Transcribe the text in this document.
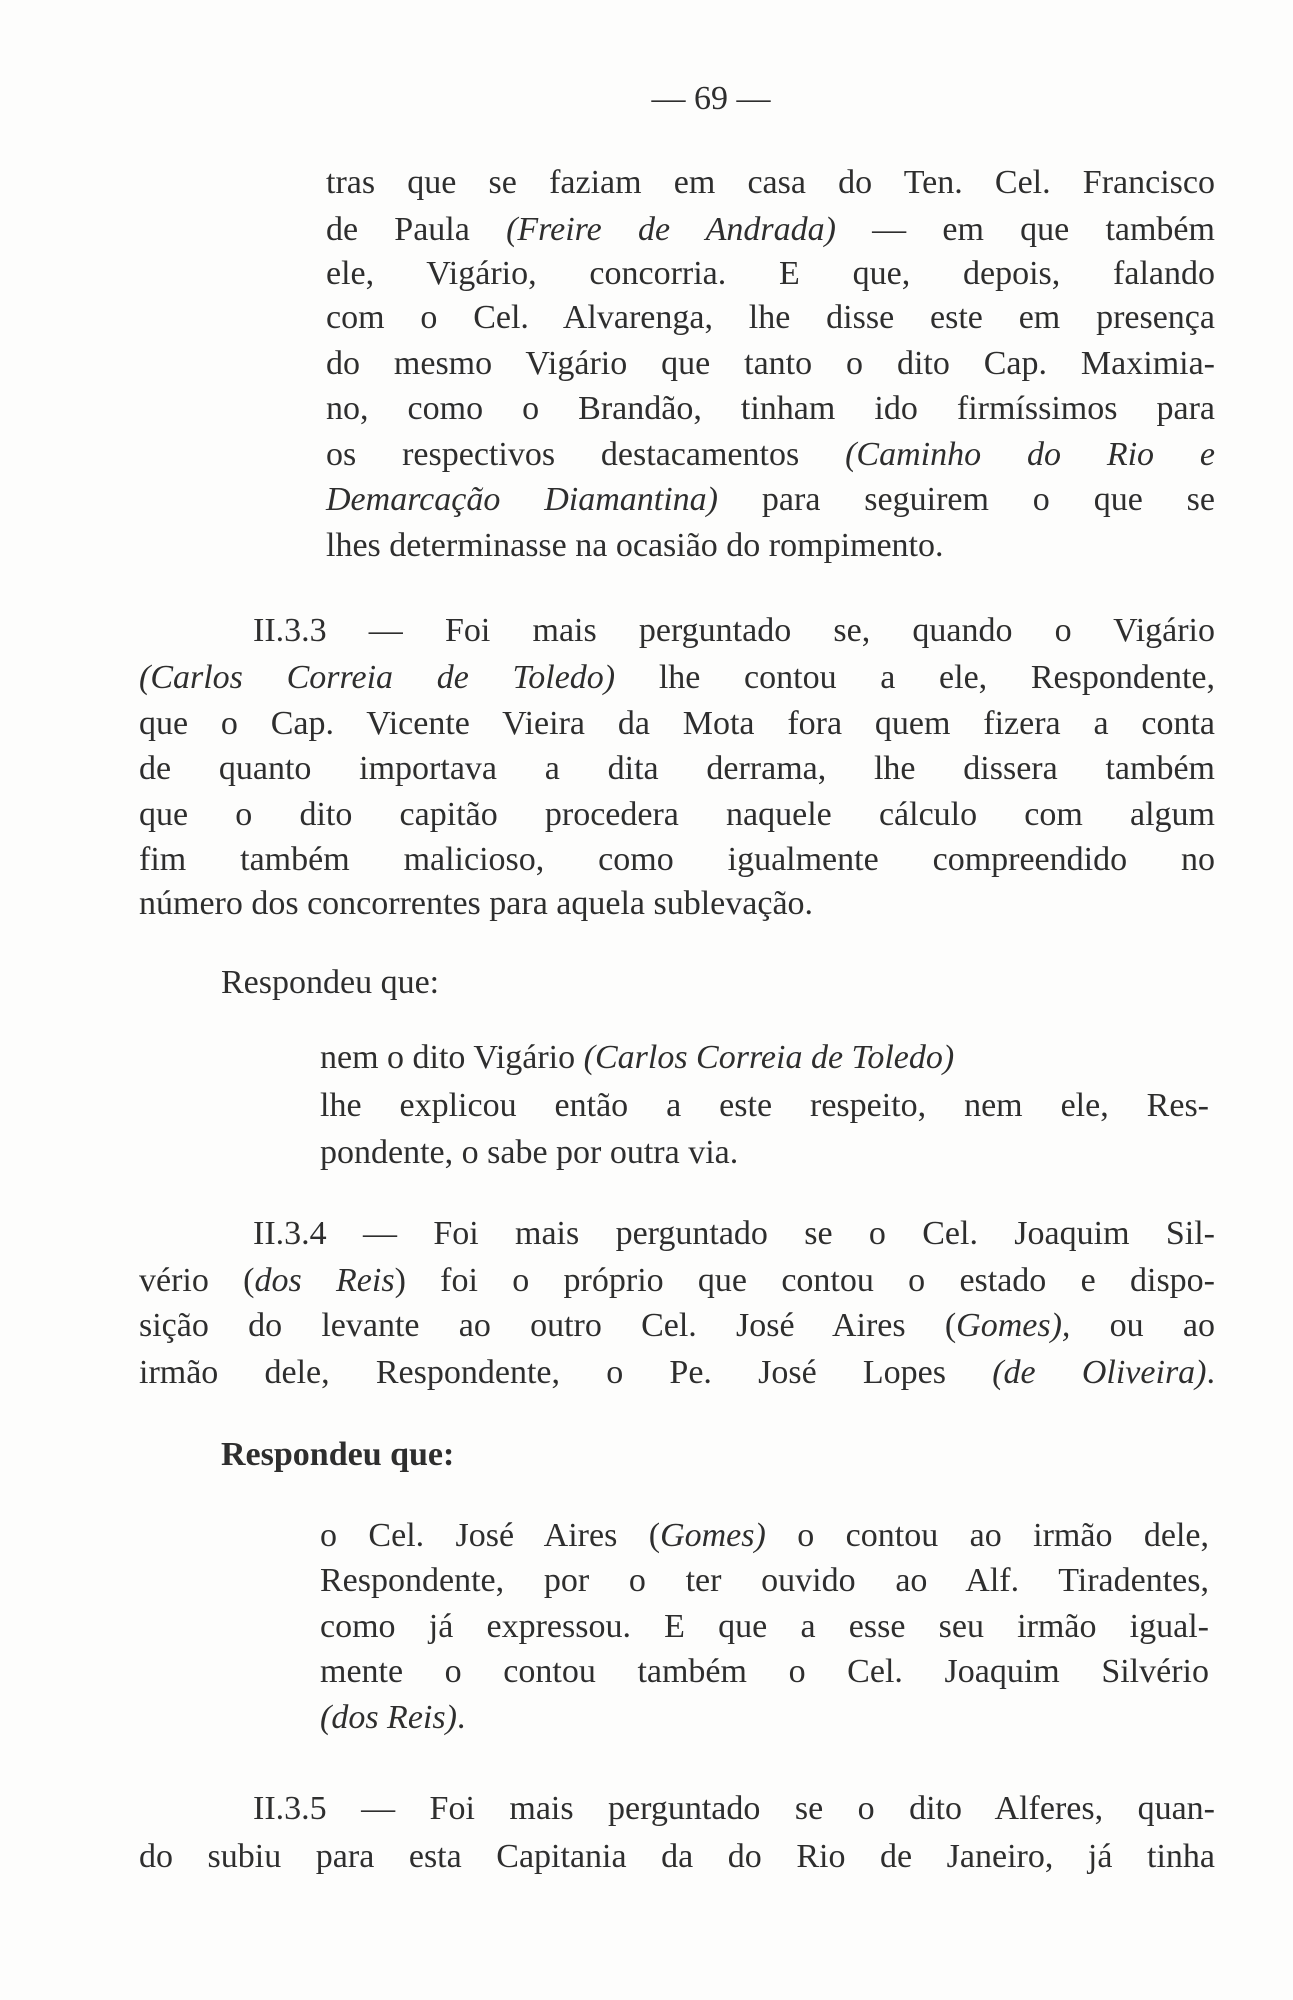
— 69 —
Respondeu que:
Respondeu que:
tras que se faziam em casa do Ten. Cel. Francisco
de Paula (Freire de Andrada) — em que também
ele, Vigário, concorria. E que, depois, falando
com o Cel. Alvarenga, lhe disse este em presença
do mesmo Vigário que tanto o dito Cap. Maximia-
no, como o Brandão, tinham ido firmíssimos para
os respectivos destacamentos (Caminho do Rio e
Demarcação Diamantina) para seguirem o que se
lhes determinasse na ocasião do rompimento.
II.3.3 — Foi mais perguntado se, quando o Vigário
(Carlos Correia de Toledo) lhe contou a ele, Respondente,
que o Cap. Vicente Vieira da Mota fora quem fizera a conta
de quanto importava a dita derrama, lhe dissera também
que o dito capitão procedera naquele cálculo com algum
fim também malicioso, como igualmente compreendido no
número dos concorrentes para aquela sublevação.
nem o dito Vigário (Carlos Correia de Toledo)
lhe explicou então a este respeito, nem ele, Res-
pondente, o sabe por outra via.
II.3.4 — Foi mais perguntado se o Cel. Joaquim Sil-
vério (dos Reis) foi o próprio que contou o estado e dispo-
sição do levante ao outro Cel. José Aires (Gomes), ou ao
irmão dele, Respondente, o Pe. José Lopes (de Oliveira).
o Cel. José Aires (Gomes) o contou ao irmão dele,
Respondente, por o ter ouvido ao Alf. Tiradentes,
como já expressou. E que a esse seu irmão igual-
mente o contou também o Cel. Joaquim Silvério
(dos Reis).
II.3.5 — Foi mais perguntado se o dito Alferes, quan-
do subiu para esta Capitania da do Rio de Janeiro, já tinha
